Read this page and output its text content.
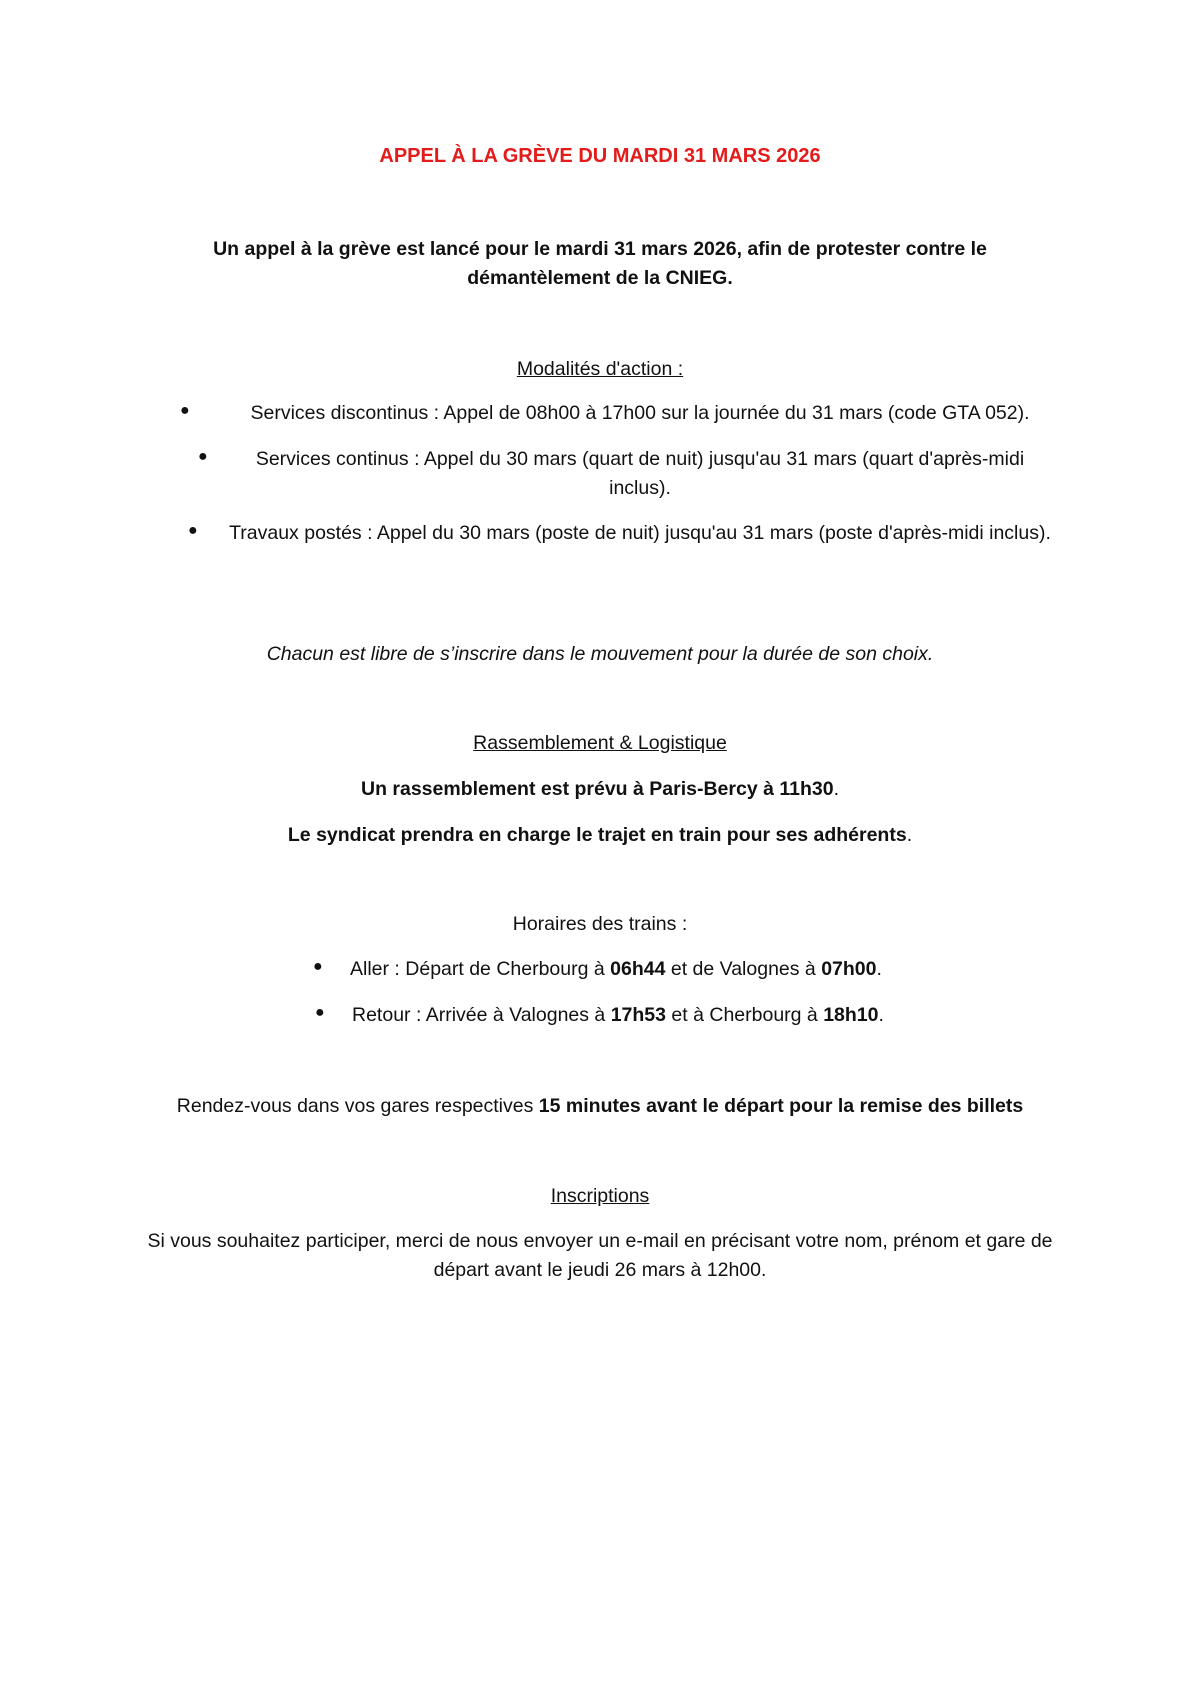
APPEL À LA GRÈVE DU MARDI 31 MARS 2026
Un appel à la grève est lancé pour le mardi 31 mars 2026, afin de protester contre le démantèlement de la CNIEG.
Modalités d'action :
●	Services discontinus : Appel de 08h00 à 17h00 sur la journée du 31 mars (code GTA 052).
●	Services continus : Appel du 30 mars (quart de nuit) jusqu'au 31 mars (quart d'après-midi inclus).
●	Travaux postés : Appel du 30 mars (poste de nuit) jusqu'au 31 mars (poste d'après-midi inclus).
Chacun est libre de s’inscrire dans le mouvement pour la durée de son choix.
Rassemblement & Logistique
Un rassemblement est prévu à Paris-Bercy à 11h30.
Le syndicat prendra en charge le trajet en train pour ses adhérents.
Horaires des trains :
●	Aller : Départ de Cherbourg à 06h44 et de Valognes à 07h00.
●	Retour : Arrivée à Valognes à 17h53 et à Cherbourg à 18h10.
Rendez-vous dans vos gares respectives 15 minutes avant le départ pour la remise des billets
Inscriptions
Si vous souhaitez participer, merci de nous envoyer un e-mail en précisant votre nom, prénom et gare de départ avant le jeudi 26 mars à 12h00.
